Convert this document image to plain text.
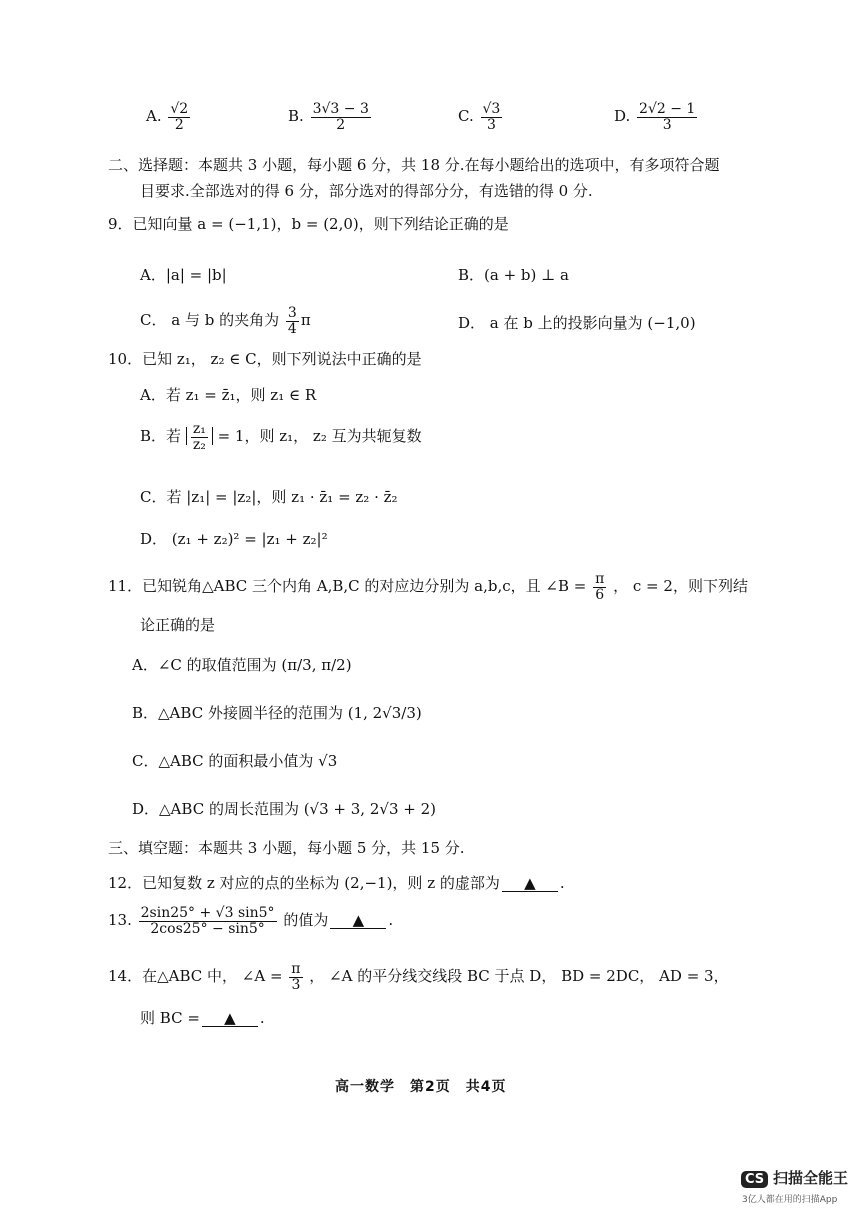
A. $\frac{√2}{2}$	B. $\frac{3√3 - 3}{2}$	C. $\frac{√3}{3}$	D. $\frac{2√2 - 1}{3}$
二、选择题：本题共 3 小题，每小题 6 分，共 18 分.在每小题给出的选项中，有多项符合题
目要求.全部选对的得 6 分，部分选对的得部分分，有选错的得 0 分.
9．已知向量 a = (−1,1)，b = (2,0)，则下列结论正确的是
A．|a| = |b|	B．(a + b) ⊥ a
C． a 与 b 的夹角为 $\frac{3}{4}$ π	D． a 在 b 上的投影向量为 (−1,0)
10．已知 z₁， z₂ ∈ C，则下列说法中正确的是
A．若 z₁ = z̄₁，则 z₁ ∈ R
B．若 $\frac{\text{z₁}}{\text{z₂}} = 1$，则 z₁， z₂ 互为共轭复数
C．若 |z₁| = |z₂|，则 z₁ · z̄₁ = z₂ · z̄₂
D． (z₁ + z₂)² = |z₁ + z₂|²
11．已知锐角△ABC 三个内角 A,B,C 的对应边分别为 a,b,c，且 ∠B = $\frac{\pi}{6}$ ， c = 2，则下列结
论正确的是
A．∠C 的取值范围为 (π/3, π/2)
B．△ABC 外接圆半径的范围为 (1, 2√3/3)
C．△ABC 的面积最小值为 √3
D．△ABC 的周长范围为 (√3 + 3, 2√3 + 2)
三、填空题：本题共 3 小题，每小题 5 分，共 15 分.
12．已知复数 z 对应的点的坐标为 (2,−1)，则 z 的虚部为 ▲ .
13. $\frac{2\sin 25^\circ + √3 \sin 5^\circ}{2\cos 25^\circ - \sin 5^\circ}$ 的值为 ▲ .
14．在△ABC 中， ∠A = $\frac{\pi}{3}$ ， ∠A 的平分线交线段 BC 于点 D， BD = 2DC， AD = 3，
则 BC = ▲ .
高一数学　第2页　共4页
CS 扫描全能王
3亿人都在用的扫描App
